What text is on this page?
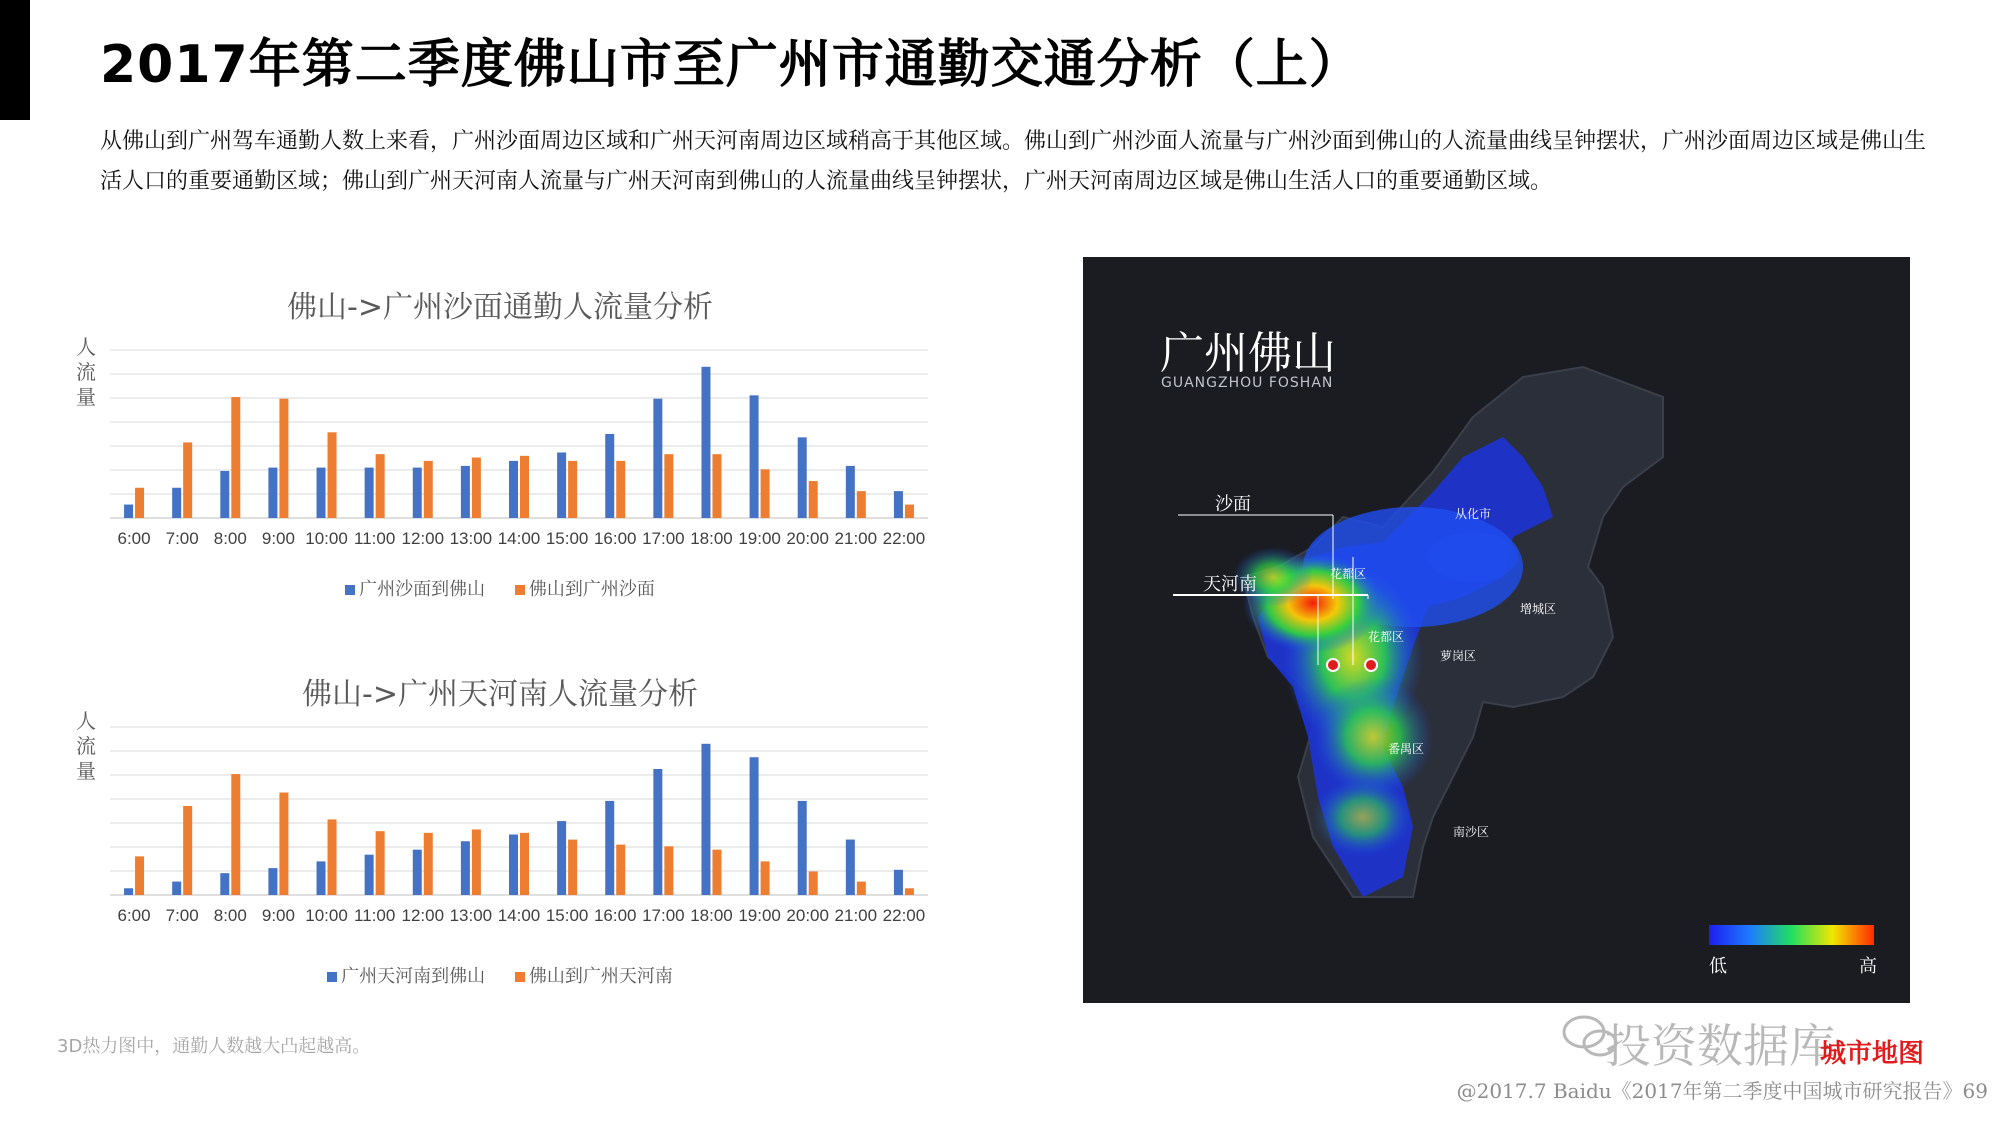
2017年第二季度佛山市至广州市通勤交通分析（上）
从佛山到广州驾车通勤人数上来看，广州沙面周边区域和广州天河南周边区域稍高于其他区域。佛山到广州沙面人流量与广州沙面到佛山的人流量曲线呈钟摆状，广州沙面周边区域是佛山生活人口的重要通勤区域；佛山到广州天河南人流量与广州天河南到佛山的人流量曲线呈钟摆状，广州天河南周边区域是佛山生活人口的重要通勤区域。
佛山->广州沙面通勤人流量分析
人流量
6:00 7:00 8:00 9:00 10:00 11:00 12:00 13:00 14:00 15:00 16:00 17:00 18:00 19:00 20:00 21:00 22:00
广州沙面到佛山 佛山到广州沙面
佛山->广州天河南人流量分析
人流量
6:00 7:00 8:00 9:00 10:00 11:00 12:00 13:00 14:00 15:00 16:00 17:00 18:00 19:00 20:00 21:00 22:00
广州天河南到佛山 佛山到广州天河南
广州佛山
GUANGZHOU FOSHAN
沙面
天河南
从化市
花都区
增城区
花都区
萝岗区
番禺区
南沙区
低	高
3D热力图中，通勤人数越大凸起越高。	投资数据库
城市地图
@2017.7 Baidu《2017年第二季度中国城市研究报告》69
